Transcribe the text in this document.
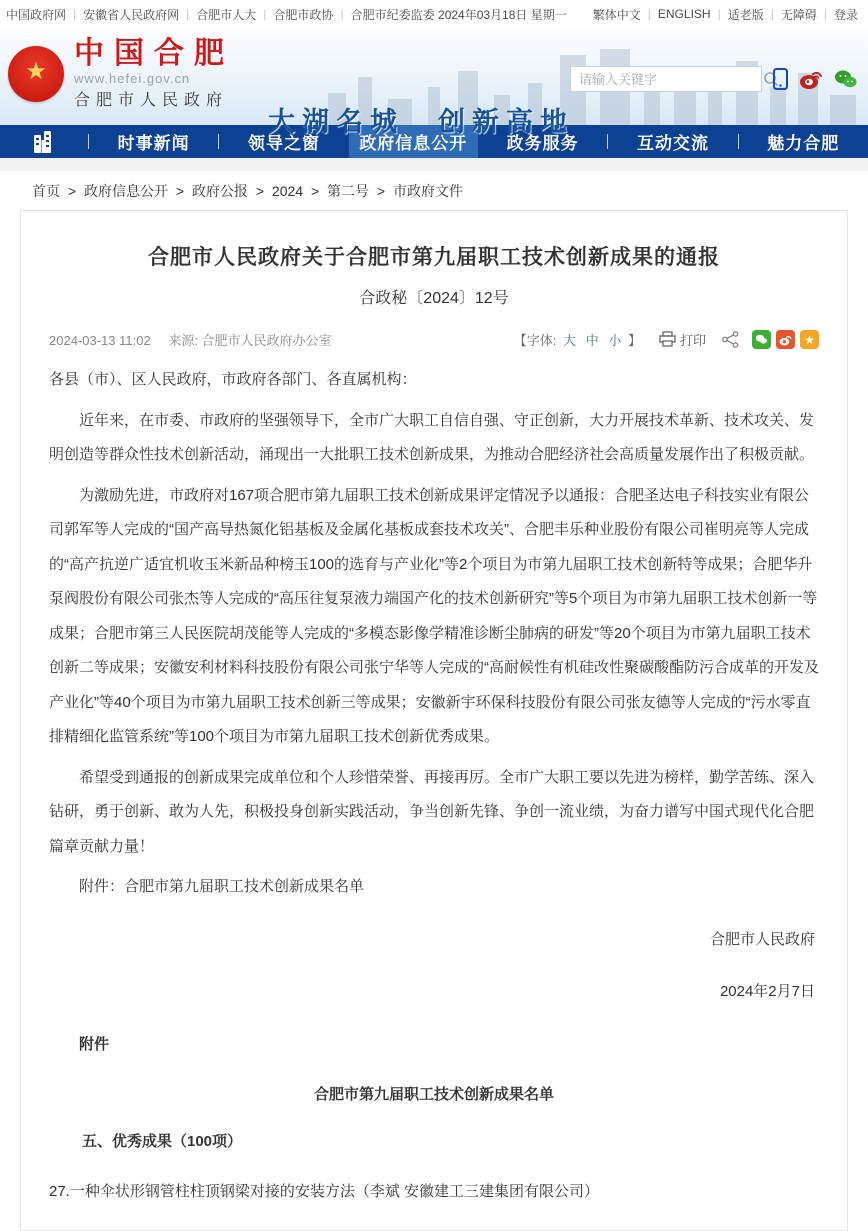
中国政府网 | 安徽省人民政府网 | 合肥市人大 | 合肥市政协 | 合肥市纪委监委 2024年03月18日 星期一 繁体中文 | ENGLISH | 适老版 | 无障碍 | 登录
★
中国合肥
www.hefei.gov.cn
合肥市人民政府
大湖名城　创新高地
请输入关键字
时事新闻	领导之窗	政府信息公开	政务服务	互动交流	魅力合肥
首页 > 政府信息公开 > 政府公报 > 2024 > 第二号 > 市政府文件
合肥市人民政府关于合肥市第九届职工技术创新成果的通报
合政秘〔2024〕12号
2024-03-13 11:02 来源: 合肥市人民政府办公室	【字体: 大 中 小 】	打印	★

各县（市）、区人民政府，市政府各部门、各直属机构：

近年来，在市委、市政府的坚强领导下，全市广大职工自信自强、守正创新，大力开展技术革新、技术攻关、发明创造等群众性技术创新活动，涌现出一大批职工技术创新成果，为推动合肥经济社会高质量发展作出了积极贡献。

为激励先进，市政府对167项合肥市第九届职工技术创新成果评定情况予以通报：合肥圣达电子科技实业有限公司郭军等人完成的“国产高导热氮化铝基板及金属化基板成套技术攻关”、合肥丰乐种业股份有限公司崔明亮等人完成的“高产抗逆广适宜机收玉米新品种榜玉100的选育与产业化”等2个项目为市第九届职工技术创新特等成果；合肥华升泵阀股份有限公司张杰等人完成的“高压往复泵液力端国产化的技术创新研究”等5个项目为市第九届职工技术创新一等成果；合肥市第三人民医院胡茂能等人完成的“多模态影像学精准诊断尘肺病的研发”等20个项目为市第九届职工技术创新二等成果；安徽安利材料科技股份有限公司张宁华等人完成的“高耐候性有机硅改性聚碳酸酯防污合成革的开发及产业化”等40个项目为市第九届职工技术创新三等成果；安徽新宇环保科技股份有限公司张友德等人完成的“污水零直排精细化监管系统”等100个项目为市第九届职工技术创新优秀成果。

希望受到通报的创新成果完成单位和个人珍惜荣誉、再接再厉。全市广大职工要以先进为榜样，勤学苦练、深入钻研，勇于创新、敢为人先，积极投身创新实践活动，争当创新先锋、争创一流业绩，为奋力谱写中国式现代化合肥篇章贡献力量！

附件：合肥市第九届职工技术创新成果名单

合肥市人民政府
2024年2月7日
附件
合肥市第九届职工技术创新成果名单
五、优秀成果（100项）
27.一种伞状形钢管柱柱顶钢梁对接的安装方法（李斌 安徽建工三建集团有限公司）
